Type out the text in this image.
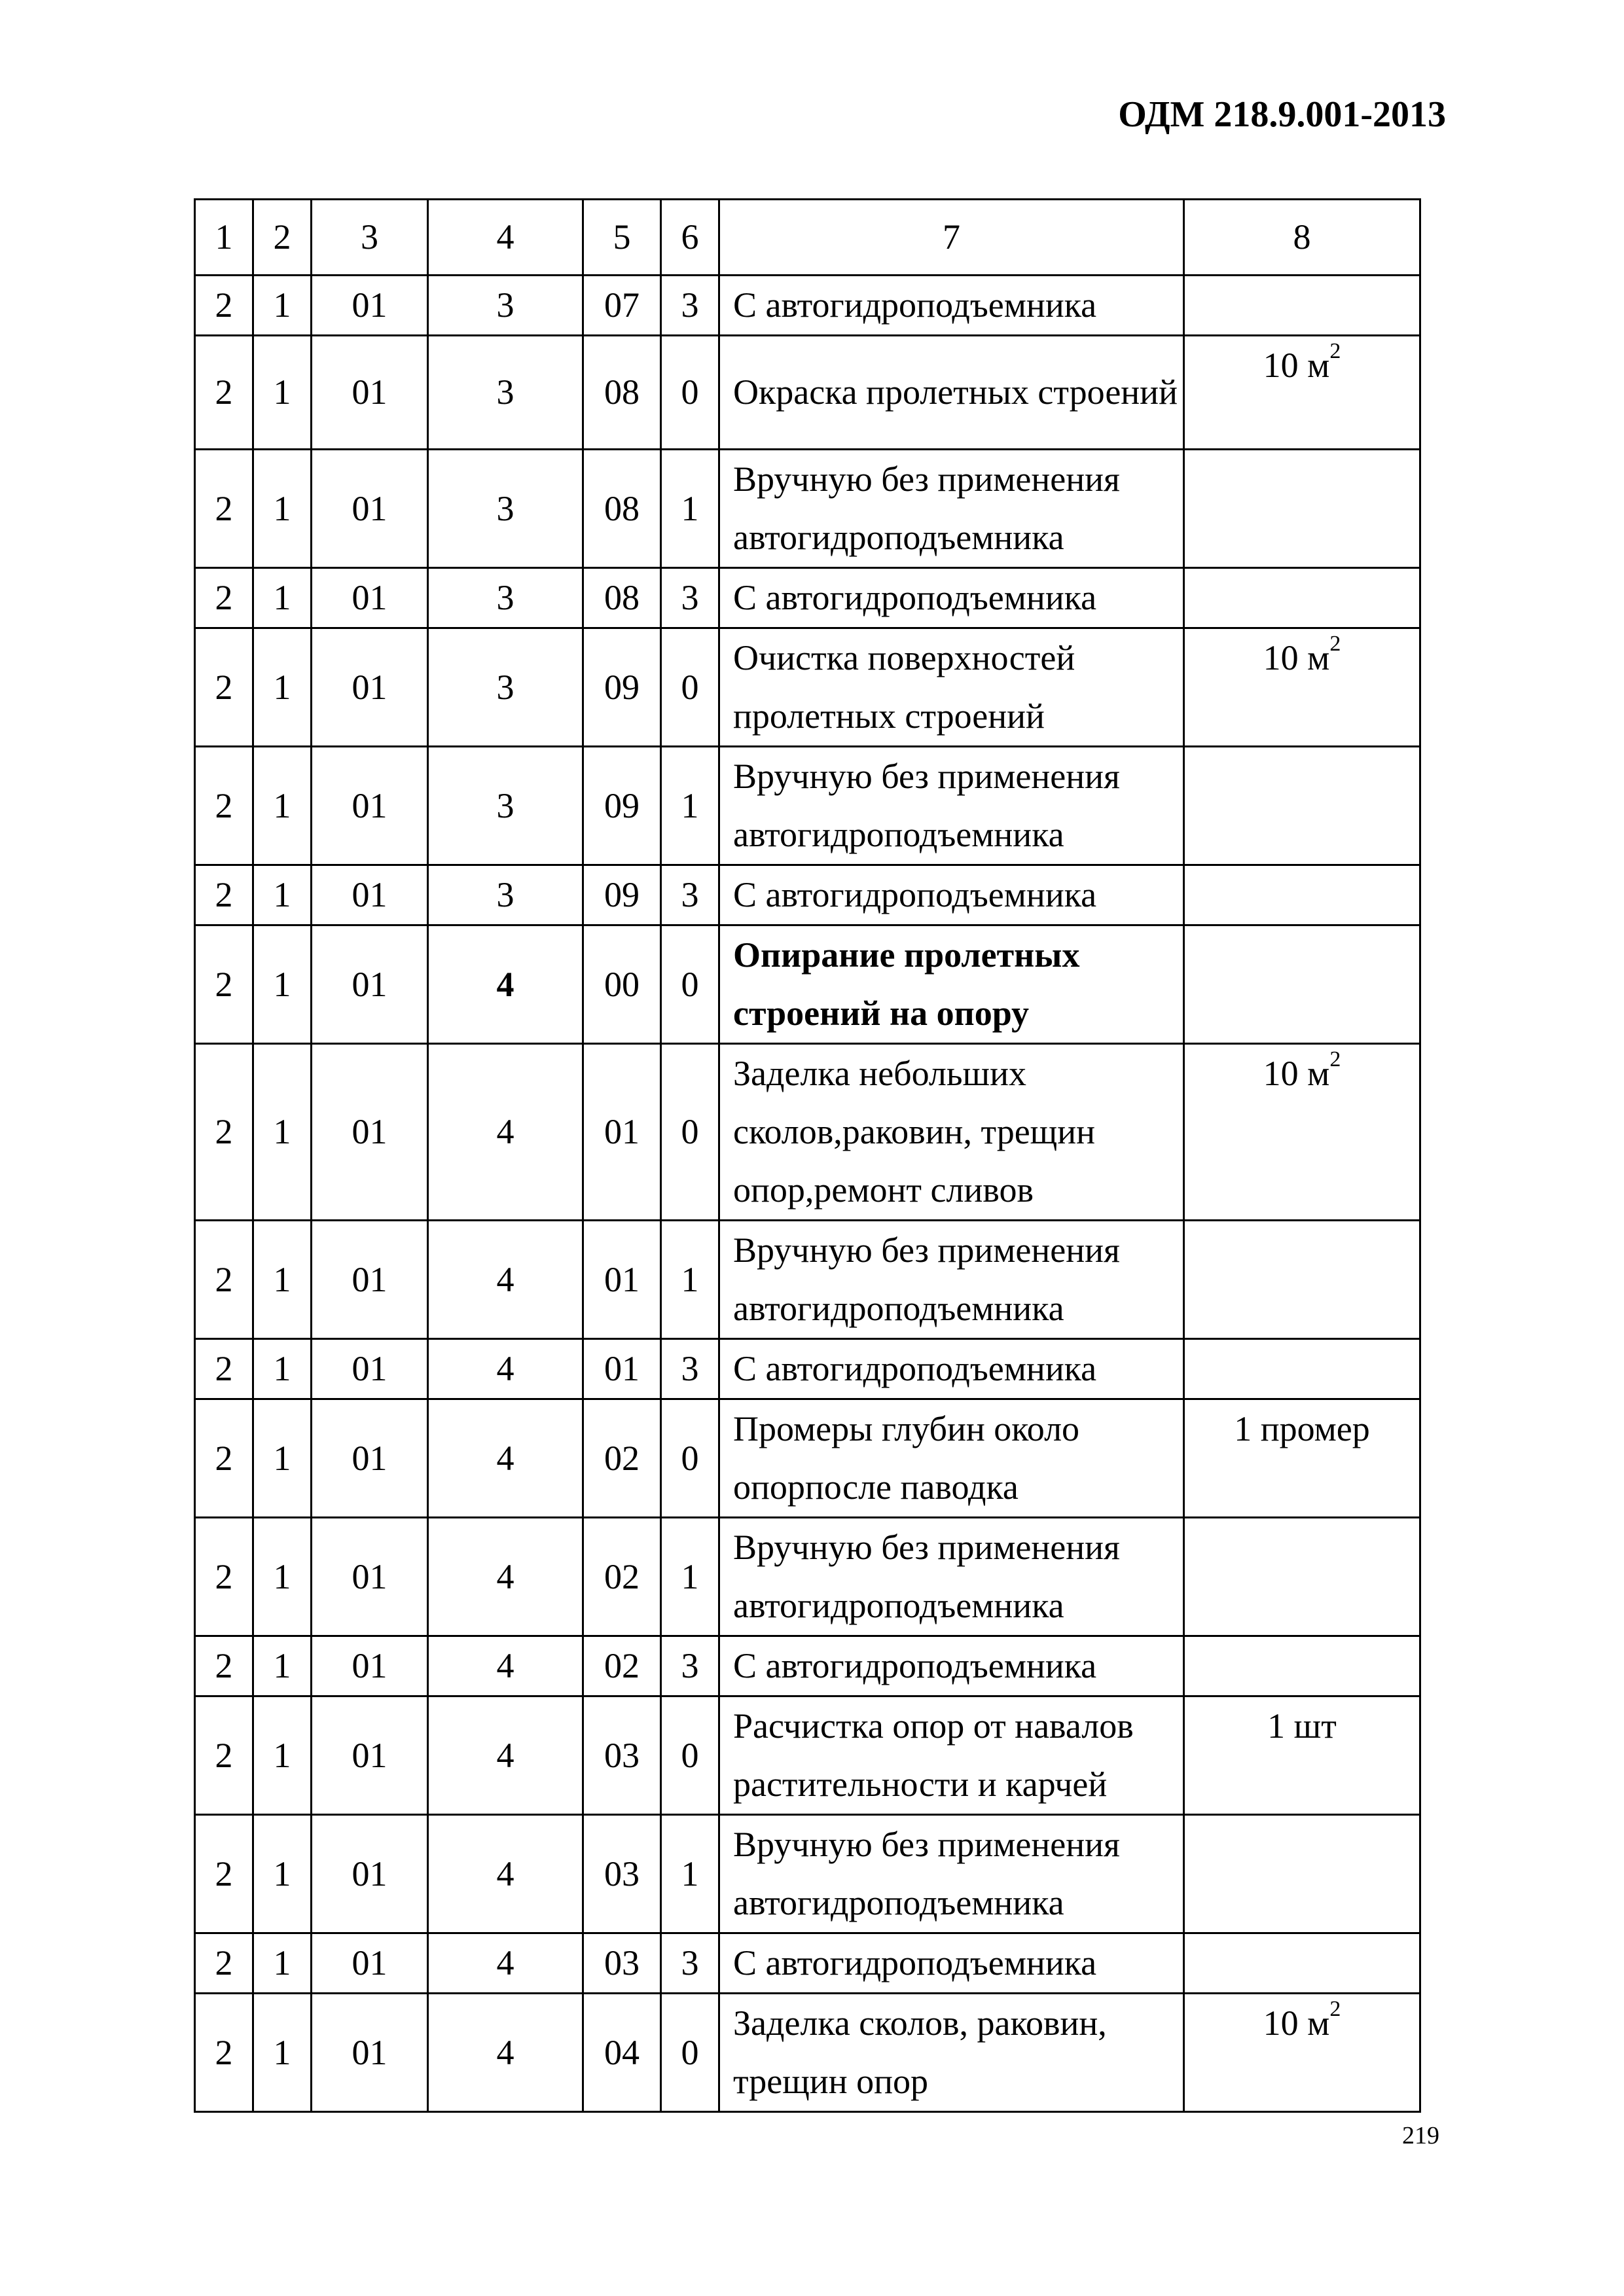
ОДМ 218.9.001-2013
1	2	3	4	5	6	7	8
2	1	01	3	07	3	С автогидроподъемника	
2	1	01	3	08	0	Окраска пролетных строений	10 $м^2$
2	1	01	3	08	1	Вручную без применения автогидроподъемника	
2	1	01	3	08	3	С автогидроподъемника	
2	1	01	3	09	0	Очистка поверхностей пролетных строений	10 $м^2$
2	1	01	3	09	1	Вручную без применения автогидроподъемника	
2	1	01	3	09	3	С автогидроподъемника	
2	1	01	4	00	0	Опирание пролетных строений на опору	
2	1	01	4	01	0	Заделка небольших сколов,раковин, трещин опор,ремонт сливов	10 $м^2$
2	1	01	4	01	1	Вручную без применения автогидроподъемника	
2	1	01	4	01	3	С автогидроподъемника	
2	1	01	4	02	0	Промеры глубин около опорпосле паводка	1 промер
2	1	01	4	02	1	Вручную без применения автогидроподъемника	
2	1	01	4	02	3	С автогидроподъемника	
2	1	01	4	03	0	Расчистка опор от навалов растительности и карчей	1 шт
2	1	01	4	03	1	Вручную без применения автогидроподъемника	
2	1	01	4	03	3	С автогидроподъемника	
2	1	01	4	04	0	Заделка сколов, раковин, трещин опор	10 $м^2$
219
